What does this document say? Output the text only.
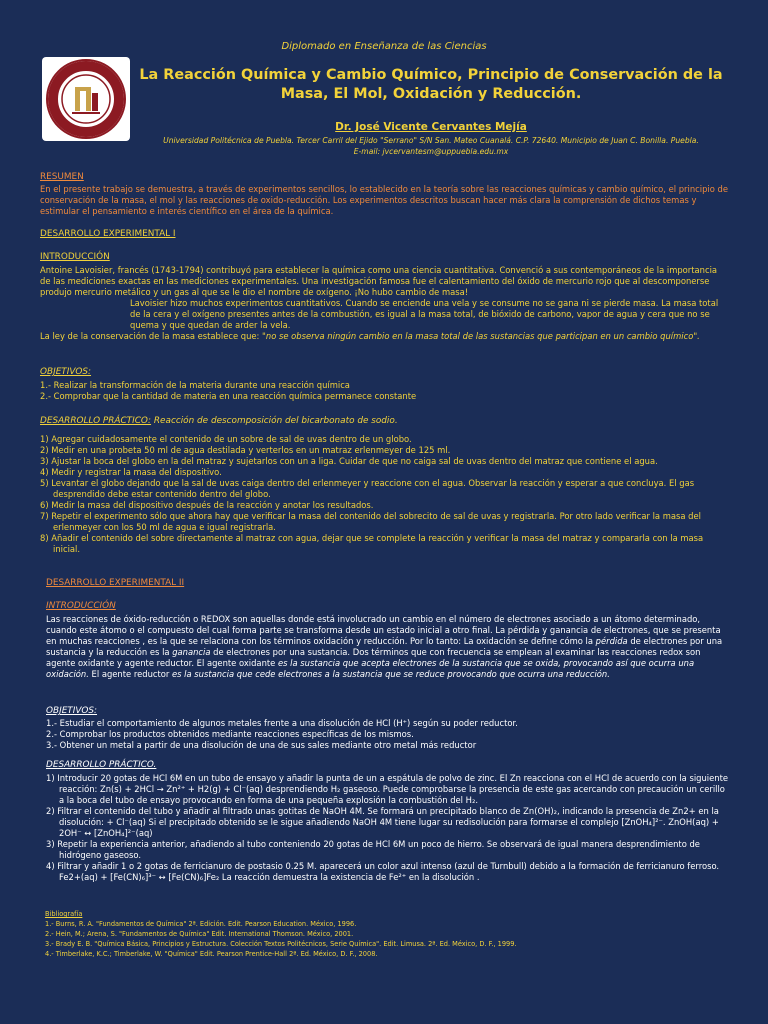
Diplomado en Enseñanza de las Ciencias
La Reacción Química y Cambio Químico, Principio de Conservación de la Masa, El Mol, Oxidación y Reducción.
Dr. José Vicente Cervantes Mejía
Universidad Politécnica de Puebla. Tercer Carril del Ejido "Serrano" S/N San. Mateo Cuanalá. C.P. 72640. Municipio de Juan C. Bonilla. Puebla.
E-mail: jvcervantesm@uppuebla.edu.mx
RESUMEN
En el presente trabajo se demuestra, a través de experimentos sencillos, lo establecido en la teoría sobre las reacciones químicas y cambio químico, el principio de conservación de la masa, el mol y las reacciones de oxido-reducción. Los experimentos descritos buscan hacer más clara la comprensión de dichos temas y estimular el pensamiento e interés científico en el área de la química.
DESARROLLO EXPERIMENTAL I
INTRODUCCIÓN
Antoine Lavoisier, francés (1743-1794) contribuyó para establecer la química como una ciencia cuantitativa. Convenció a sus contemporáneos de la importancia de las mediciones exactas en las mediciones experimentales. Una investigación famosa fue el calentamiento del óxido de mercurio rojo que al descomponerse produjo mercurio metálico y un gas al que se le dio el nombre de oxígeno. ¡No hubo cambio de masa!
Lavoisier hizo muchos experimentos cuantitativos. Cuando se enciende una vela y se consume no se gana ni se pierde masa. La masa total de la cera y el oxígeno presentes antes de la combustión, es igual a la masa total, de bióxido de carbono, vapor de agua y cera que no se quema y que quedan de arder la vela.
La ley de la conservación de la masa establece que: "no se observa ningún cambio en la masa total de las sustancias que participan en un cambio químico".
OBJETIVOS:
1.- Realizar la transformación de la materia durante una reacción química
2.- Comprobar que la cantidad de materia en una reacción química permanece constante
DESARROLLO PRÁCTICO: Reacción de descomposición del bicarbonato de sodio.
1) Agregar cuidadosamente el contenido de un sobre de sal de uvas dentro de un globo.
2) Medir en una probeta 50 ml de agua destilada y verterlos en un matraz erlenmeyer de 125 ml.
3) Ajustar la boca del globo en la del matraz y sujetarlos con un a liga. Cuidar de que no caiga sal de uvas dentro del matraz que contiene el agua.
4) Medir y registrar la masa del dispositivo.
5) Levantar el globo dejando que la sal de uvas caiga dentro del erlenmeyer y reaccione con el agua. Observar la reacción y esperar a que concluya. El gas desprendido debe estar contenido dentro del globo.
6) Medir la masa del dispositivo después de la reacción y anotar los resultados.
7) Repetir el experimento sólo que ahora hay que verificar la masa del contenido del sobrecito de sal de uvas y registrarla. Por otro lado verificar la masa del erlenmeyer con los 50 ml de agua e igual registrarla.
8) Añadir el contenido del sobre directamente al matraz con agua, dejar que se complete la reacción y verificar la masa del matraz y compararla con la masa inicial.
DESARROLLO EXPERIMENTAL II
INTRODUCCIÓN
Las reacciones de óxido-reducción o REDOX son aquellas donde está involucrado un cambio en el número de electrones asociado a un átomo determinado, cuando este átomo o el compuesto del cual forma parte se transforma desde un estado inicial a otro final. La pérdida y ganancia de electrones, que se presenta en muchas reacciones , es la que se relaciona con los términos oxidación y reducción. Por lo tanto: La oxidación se define cómo la pérdida de electrones por una sustancia y la reducción es la ganancia de electrones por una sustancia. Dos términos que con frecuencia se emplean al examinar las reacciones redox son agente oxidante y agente reductor. El agente oxidante es la sustancia que acepta electrones de la sustancia que se oxida, provocando así que ocurra una oxidación. El agente reductor es la sustancia que cede electrones a la sustancia que se reduce provocando que ocurra una reducción.
OBJETIVOS:
1.- Estudiar el comportamiento de algunos metales frente a una disolución de HCl (H⁺) según su poder reductor.
2.- Comprobar los productos obtenidos mediante reacciones específicas de los mismos.
3.- Obtener un metal a partir de una disolución de una de sus sales mediante otro metal más reductor
DESARROLLO PRÁCTICO.
1) Introducir 20 gotas de HCl 6M en un tubo de ensayo y añadir la punta de un a espátula de polvo de zinc. El Zn reacciona con el HCl de acuerdo con la siguiente reacción: Zn(s) + 2HCl → Zn²⁺ + H2(g) + Cl⁻(aq) desprendiendo H₂ gaseoso. Puede comprobarse la presencia de este gas acercando con precaución un cerillo a la boca del tubo de ensayo provocando en forma de una pequeña explosión la combustión del H₂.
2) Filtrar el contenido del tubo y añadir al filtrado unas gotitas de NaOH 4M. Se formará un precipitado blanco de Zn(OH)₂, indicando la presencia de Zn2+ en la disolución: + Cl⁻(aq) Si el precipitado obtenido se le sigue añadiendo NaOH 4M tiene lugar su redisolución para formarse el complejo [ZnOH₄]²⁻. ZnOH(aq) + 2OH⁻ ↔ [ZnOH₄]²⁻(aq)
3) Repetir la experiencia anterior, añadiendo al tubo conteniendo 20 gotas de HCl 6M un poco de hierro. Se observará de igual manera desprendimiento de hidrógeno gaseoso.
4) Filtrar y añadir 1 o 2 gotas de ferricianuro de postasio 0.25 M. aparecerá un color azul intenso (azul de Turnbull) debido a la formación de ferricianuro ferroso. Fe2+(aq) + [Fe(CN)₆]³⁻ ↔ [Fe(CN)₆]Fe₂ La reacción demuestra la existencia de Fe²⁺ en la disolución .
Bibliografía
1.- Burns, R. A. "Fundamentos de Química" 2ª. Edición. Edit. Pearson Education. México, 1996.
2.- Hein, M.; Arena, S. "Fundamentos de Química" Edit. International Thomson. México, 2001.
3.- Brady E. B. "Química Básica, Principios y Estructura. Colección Textos Politécnicos, Serie Química". Edit. Limusa. 2ª. Ed. México, D. F., 1999.
4.- Timberlake, K.C.; Timberlake, W. "Química" Edit. Pearson Prentice-Hall 2ª. Ed. México, D. F., 2008.
